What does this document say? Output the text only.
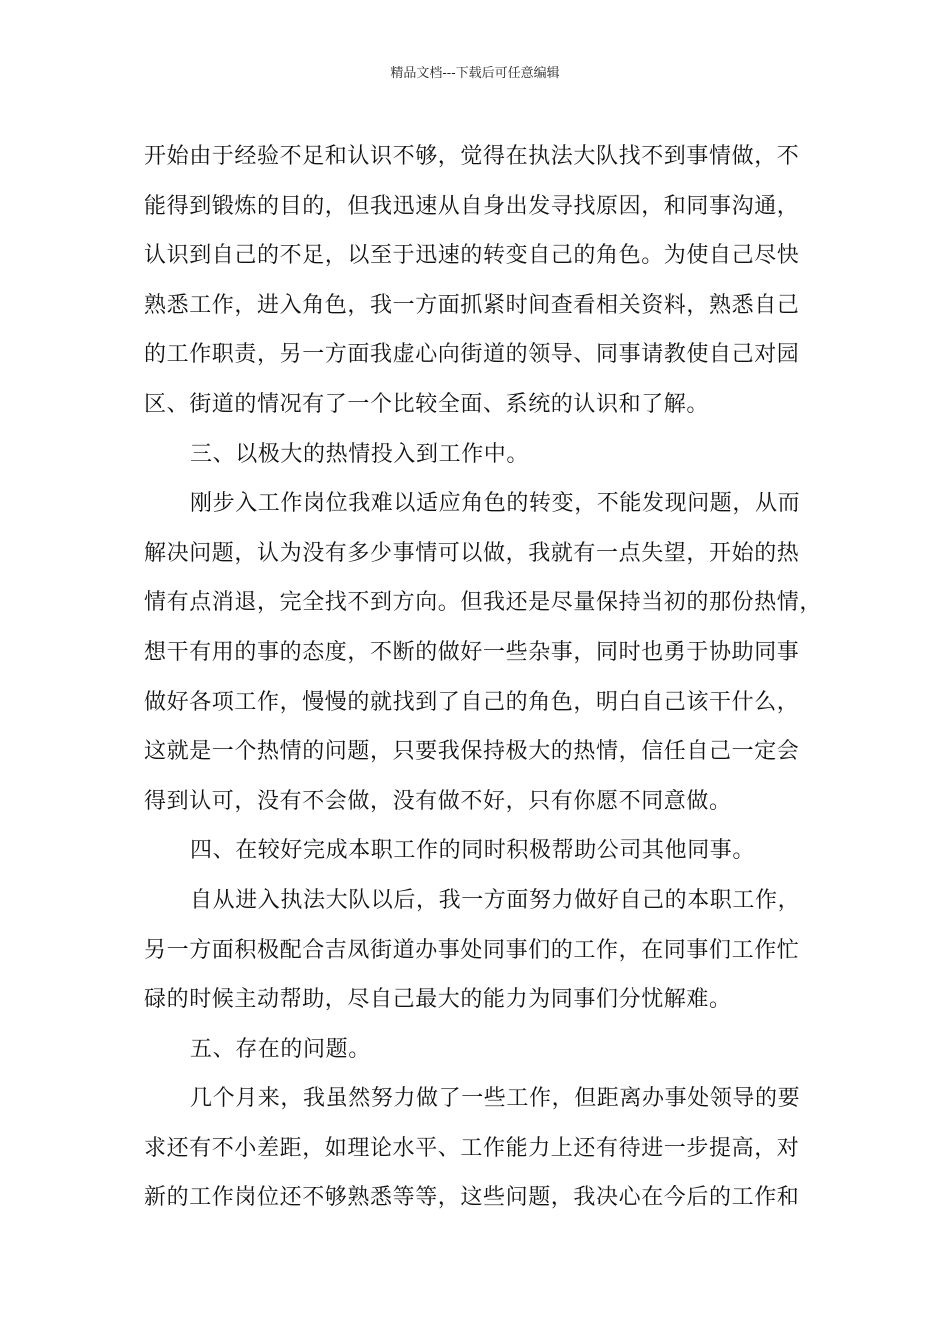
精品文档---下载后可任意编辑
开始由于经验不足和认识不够，觉得在执法大队找不到事情做，不
能得到锻炼的目的，但我迅速从自身出发寻找原因，和同事沟通，
认识到自己的不足，以至于迅速的转变自己的角色。为使自己尽快
熟悉工作，进入角色，我一方面抓紧时间查看相关资料，熟悉自己
的工作职责，另一方面我虚心向街道的领导、同事请教使自己对园
区、街道的情况有了一个比较全面、系统的认识和了解。
三、以极大的热情投入到工作中。
刚步入工作岗位我难以适应角色的转变，不能发现问题，从而
解决问题，认为没有多少事情可以做，我就有一点失望，开始的热
情有点消退，完全找不到方向。但我还是尽量保持当初的那份热情，
想干有用的事的态度，不断的做好一些杂事，同时也勇于协助同事
做好各项工作，慢慢的就找到了自己的角色，明白自己该干什么，
这就是一个热情的问题，只要我保持极大的热情，信任自己一定会
得到认可，没有不会做，没有做不好，只有你愿不同意做。
四、在较好完成本职工作的同时积极帮助公司其他同事。
自从进入执法大队以后，我一方面努力做好自己的本职工作，
另一方面积极配合吉凤街道办事处同事们的工作，在同事们工作忙
碌的时候主动帮助，尽自己最大的能力为同事们分忧解难。
五、存在的问题。
几个月来，我虽然努力做了一些工作，但距离办事处领导的要
求还有不小差距，如理论水平、工作能力上还有待进一步提高，对
新的工作岗位还不够熟悉等等，这些问题，我决心在今后的工作和
